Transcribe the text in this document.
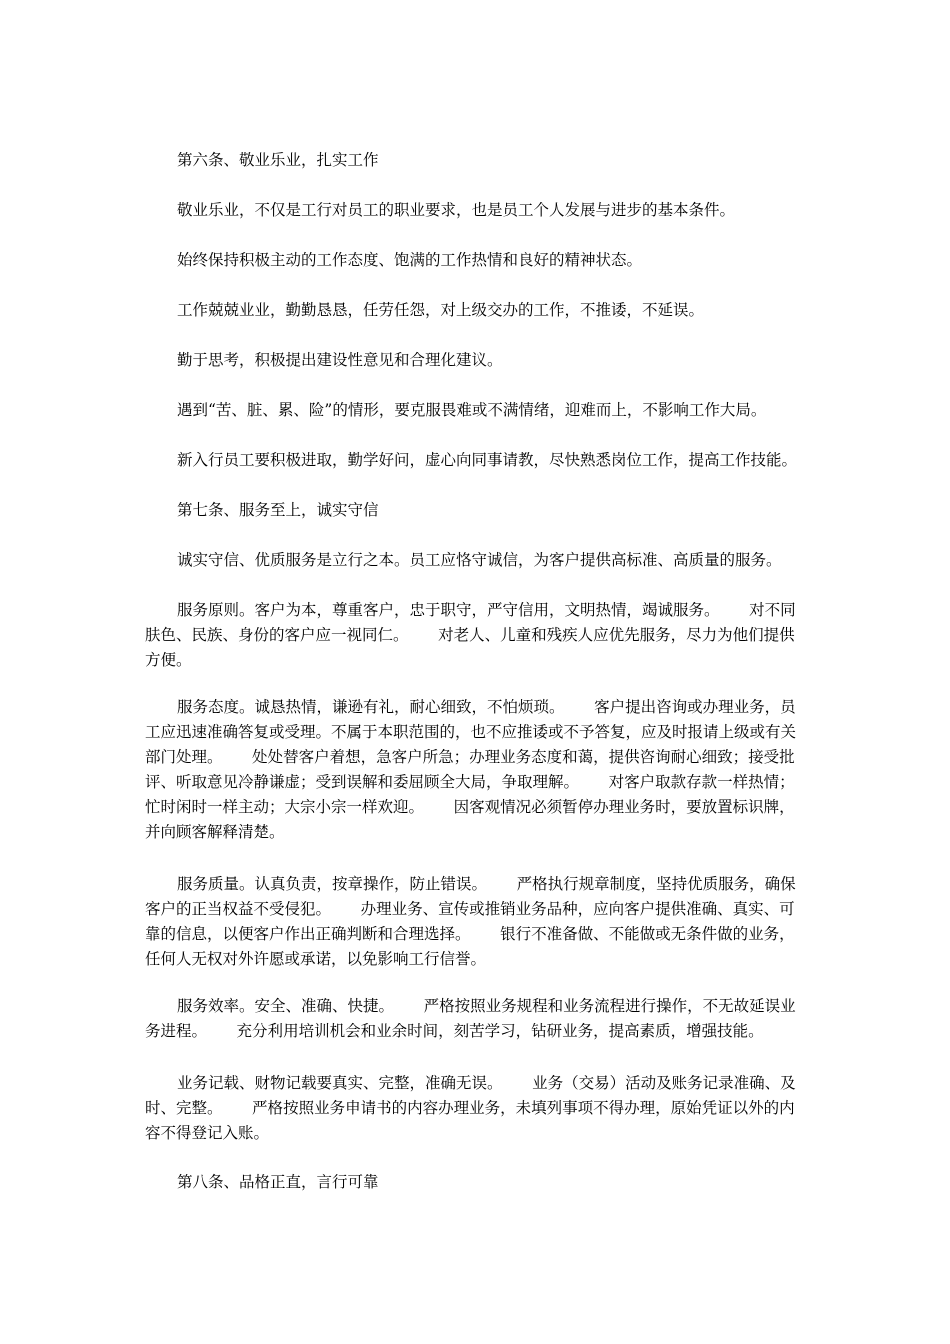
第六条、敬业乐业，扎实工作

敬业乐业，不仅是工行对员工的职业要求，也是员工个人发展与进步的基本条件。

始终保持积极主动的工作态度、饱满的工作热情和良好的精神状态。

工作兢兢业业，勤勤恳恳，任劳任怨，对上级交办的工作，不推诿，不延误。

勤于思考，积极提出建设性意见和合理化建议。

遇到“苦、脏、累、险”的情形，要克服畏难或不满情绪，迎难而上，不影响工作大局。

新入行员工要积极进取，勤学好问，虚心向同事请教，尽快熟悉岗位工作，提高工作技能。

第七条、服务至上，诚实守信

诚实守信、优质服务是立行之本。员工应恪守诚信，为客户提供高标准、高质量的服务。

服务原则。客户为本，尊重客户，忠于职守，严守信用，文明热情，竭诚服务。      对不同肤色、民族、身份的客户应一视同仁。      对老人、儿童和残疾人应优先服务，尽力为他们提供方便。

服务态度。诚恳热情，谦逊有礼，耐心细致，不怕烦琐。      客户提出咨询或办理业务，员工应迅速准确答复或受理。不属于本职范围的，也不应推诿或不予答复，应及时报请上级或有关部门处理。      处处替客户着想，急客户所急；办理业务态度和蔼，提供咨询耐心细致；接受批评、听取意见冷静谦虚；受到误解和委屈顾全大局，争取理解。      对客户取款存款一样热情；忙时闲时一样主动；大宗小宗一样欢迎。      因客观情况必须暂停办理业务时，要放置标识牌，并向顾客解释清楚。

服务质量。认真负责，按章操作，防止错误。      严格执行规章制度，坚持优质服务，确保客户的正当权益不受侵犯。      办理业务、宣传或推销业务品种，应向客户提供准确、真实、可靠的信息，以便客户作出正确判断和合理选择。      银行不准备做、不能做或无条件做的业务，任何人无权对外许愿或承诺，以免影响工行信誉。

服务效率。安全、准确、快捷。      严格按照业务规程和业务流程进行操作，不无故延误业务进程。      充分利用培训机会和业余时间，刻苦学习，钻研业务，提高素质，增强技能。

业务记载、财物记载要真实、完整，准确无误。      业务（交易）活动及账务记录准确、及时、完整。      严格按照业务申请书的内容办理业务，未填列事项不得办理，原始凭证以外的内容不得登记入账。

第八条、品格正直，言行可靠
